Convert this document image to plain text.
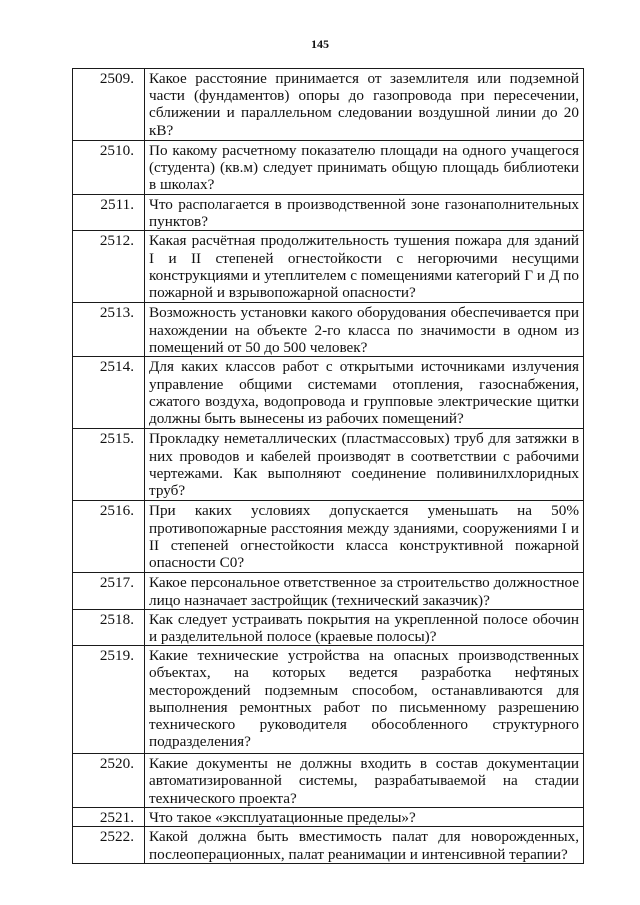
145
2509.	Какое расстояние принимается от заземлителя или подземной части (фундаментов) опоры до газопровода при пересечении, сближении и параллельном следовании воздушной линии до 20 кВ?
2510.	По какому расчетному показателю площади на одного учащегося (студента) (кв.м) следует принимать общую площадь библиотеки в школах?
2511.	Что располагается в производственной зоне газонаполнительных пунктов?
2512.	Какая расчётная продолжительность тушения пожара для зданий I и II степеней огнестойкости с негорючими несущими конструкциями и утеплителем с помещениями категорий Г и Д по пожарной и взрывопожарной опасности?
2513.	Возможность установки какого оборудования обеспечивается при нахождении на объекте 2-го класса по значимости в одном из помещений от 50 до 500 человек?
2514.	Для каких классов работ с открытыми источниками излучения управление общими системами отопления, газоснабжения, сжатого воздуха, водопровода и групповые электрические щитки должны быть вынесены из рабочих помещений?
2515.	Прокладку неметаллических (пластмассовых) труб для затяжки в них проводов и кабелей производят в соответствии с рабочими чертежами. Как выполняют соединение поливинилхлоридных труб?
2516.	При каких условиях допускается уменьшать на 50% противопожарные расстояния между зданиями, сооружениями I и II степеней огнестойкости класса конструктивной пожарной опасности С0?
2517.	Какое персональное ответственное за строительство должностное лицо назначает застройщик (технический заказчик)?
2518.	Как следует устраивать покрытия на укрепленной полосе обочин и разделительной полосе (краевые полосы)?
2519.	Какие технические устройства на опасных производственных объектах, на которых ведется разработка нефтяных месторождений подземным способом, останавливаются для выполнения ремонтных работ по письменному разрешению технического руководителя обособленного структурного подразделения?
2520.	Какие документы не должны входить в состав документации автоматизированной системы, разрабатываемой на стадии технического проекта?
2521.	Что такое «эксплуатационные пределы»?
2522.	Какой должна быть вместимость палат для новорожденных, послеоперационных, палат реанимации и интенсивной терапии?
